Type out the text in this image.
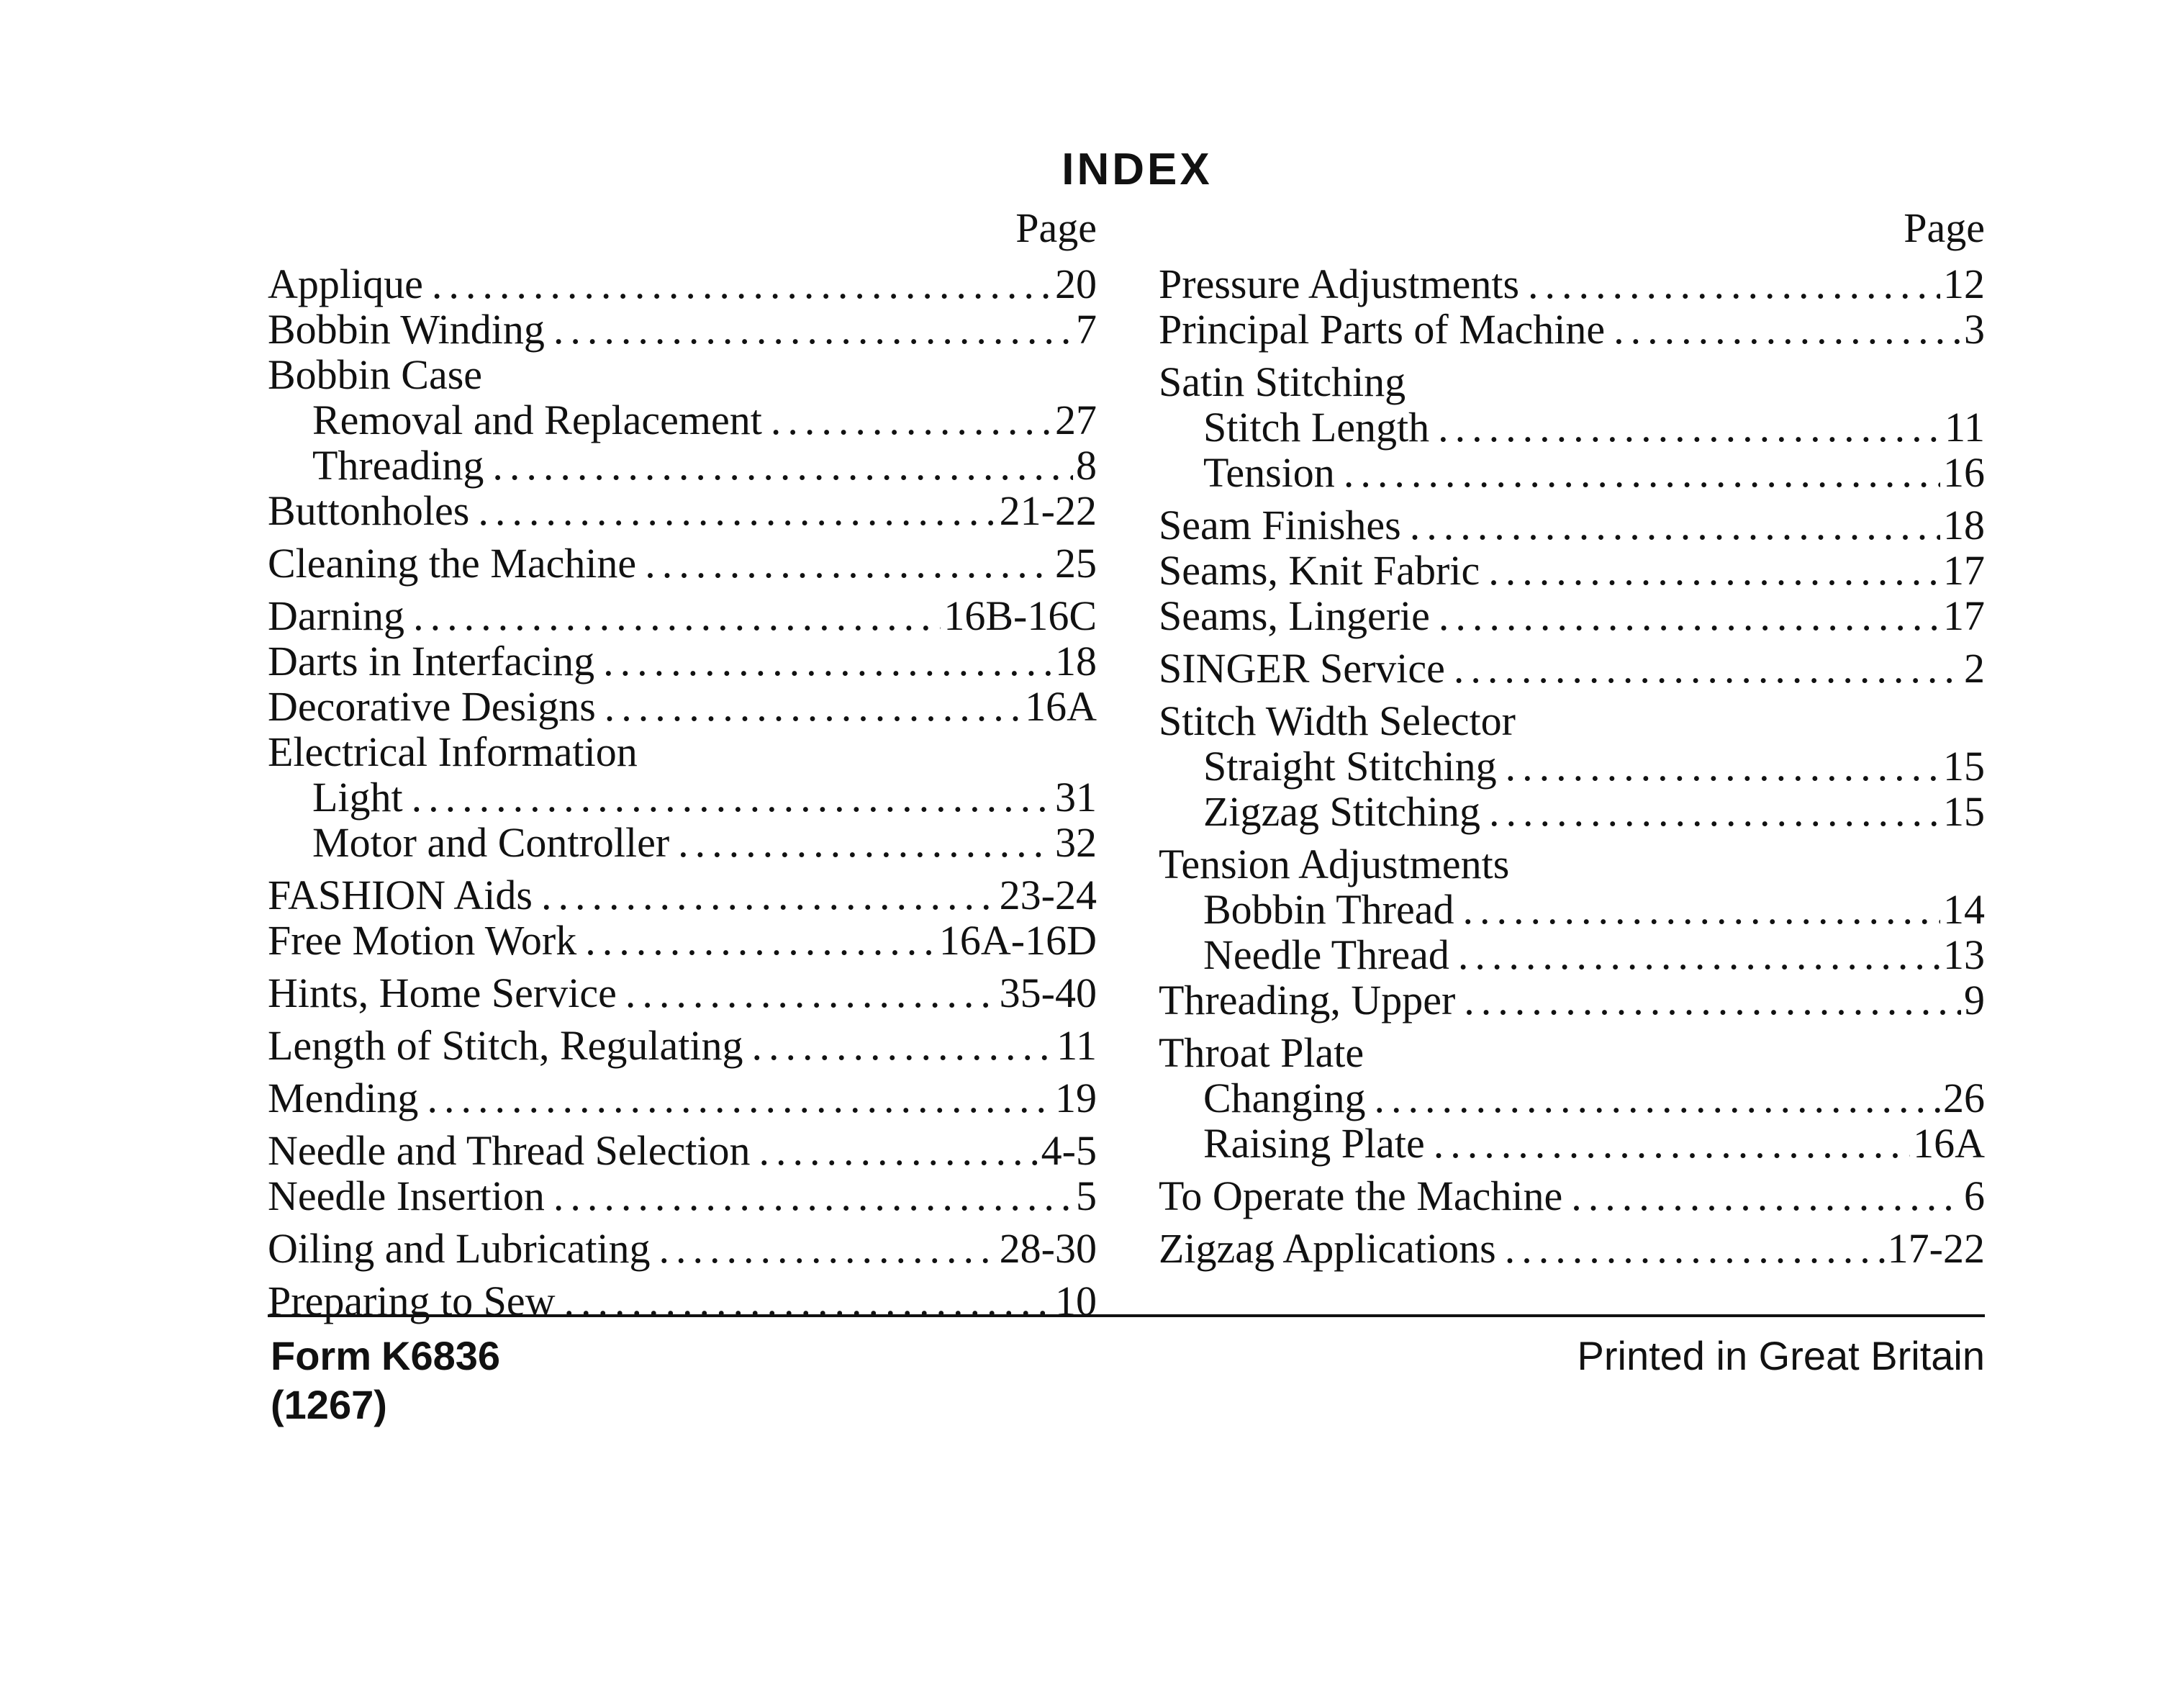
INDEX
Page
Applique .....	20
Bobbin Winding .....	7
Bobbin Case
Removal and Replacement .....	27
Threading .....	8
Buttonholes .....	21-22
Cleaning the Machine .....	25
Darning .....	16B-16C
Darts in Interfacing .....	18
Decorative Designs .....	16A
Electrical Information
Light .....	31
Motor and Controller .....	32
FASHION Aids .....	23-24
Free Motion Work .....	16A-16D
Hints, Home Service .....	35-40
Length of Stitch, Regulating .....	11
Mending .....	19
Needle and Thread Selection .....	4-5
Needle Insertion .....	5
Oiling and Lubricating .....	28-30
Preparing to Sew .....	10
Page
Pressure Adjustments .....	12
Principal Parts of Machine .....	3
Satin Stitching
Stitch Length .....	11
Tension .....	16
Seam Finishes .....	18
Seams, Knit Fabric .....	17
Seams, Lingerie .....	17
SINGER Service .....	2
Stitch Width Selector
Straight Stitching .....	15
Zigzag Stitching .....	15
Tension Adjustments
Bobbin Thread .....	14
Needle Thread .....	13
Threading, Upper .....	9
Throat Plate
Changing .....	26
Raising Plate .....	16A
To Operate the Machine .....	6
Zigzag Applications .....	17-22
Form K6836
(1267)
Printed in Great Britain
